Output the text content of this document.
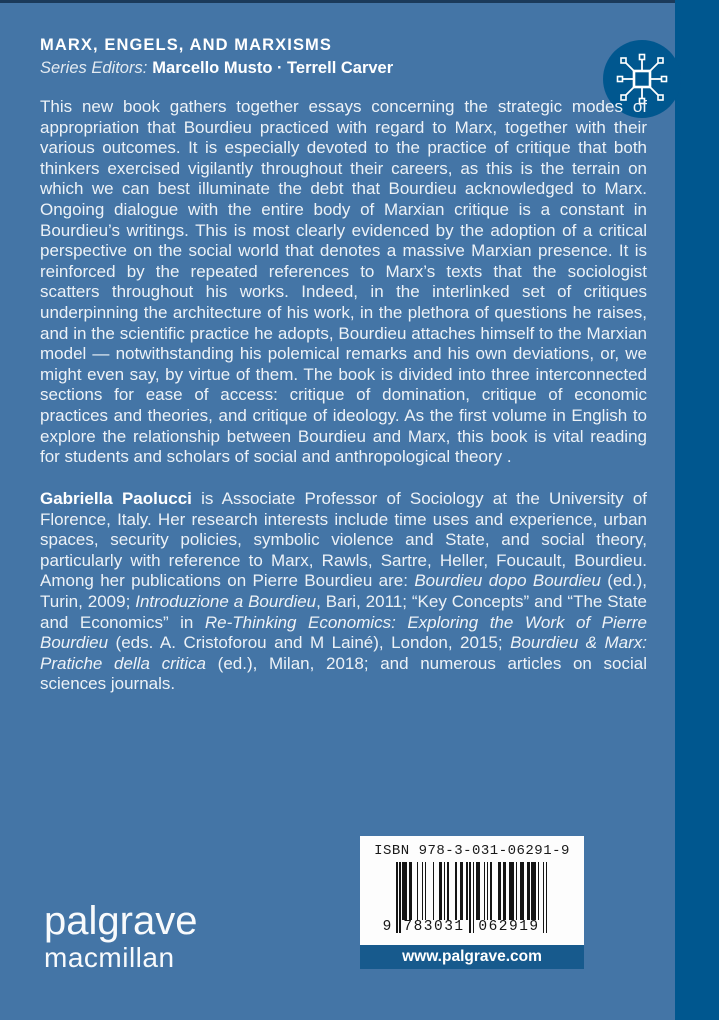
MARX, ENGELS, AND MARXISMS
Series Editors: Marcello Musto · Terrell Carver

This new book gathers together essays concerning the strategic modes of appropriation that Bourdieu practiced with regard to Marx, together with their various outcomes. It is especially devoted to the practice of critique that both thinkers exercised vigilantly throughout their careers, as this is the terrain on which we can best illuminate the debt that Bourdieu acknowledged to Marx. Ongoing dialogue with the entire body of Marxian critique is a constant in Bourdieu’s writings. This is most clearly evidenced by the adoption of a critical perspective on the social world that denotes a massive Marxian presence. It is reinforced by the repeated references to Marx’s texts that the sociologist scatters throughout his works. Indeed, in the interlinked set of critiques underpinning the architecture of his work, in the plethora of questions he raises, and in the scientific practice he adopts, Bourdieu attaches himself to the Marxian model — notwithstanding his polemical remarks and his own deviations, or, we might even say, by virtue of them. The book is divided into three interconnected sections for ease of access: critique of domination, critique of economic practices and theories, and critique of ideology. As the first volume in English to explore the relationship between Bourdieu and Marx, this book is vital reading for students and scholars of social and anthropological theory .

Gabriella Paolucci is Associate Professor of Sociology at the University of Florence, Italy. Her research interests include time uses and experience, urban spaces, security policies, symbolic violence and State, and social theory, particularly with reference to Marx, Rawls, Sartre, Heller, Foucault, Bourdieu. Among her publications on Pierre Bourdieu are: Bourdieu dopo Bourdieu (ed.), Turin, 2009; Introduzione a Bourdieu, Bari, 2011; “Key Concepts” and “The State and Economics” in Re-Thinking Economics: Exploring the Work of Pierre Bourdieu (eds. A. Cristoforou and M Lainé), London, 2015; Bourdieu & Marx: Pratiche della critica (ed.), Milan, 2018; and numerous articles on social sciences journals.

ISBN 978-3-031-06291-9
9 783031 062919
www.palgrave.com
palgrave
macmillan
